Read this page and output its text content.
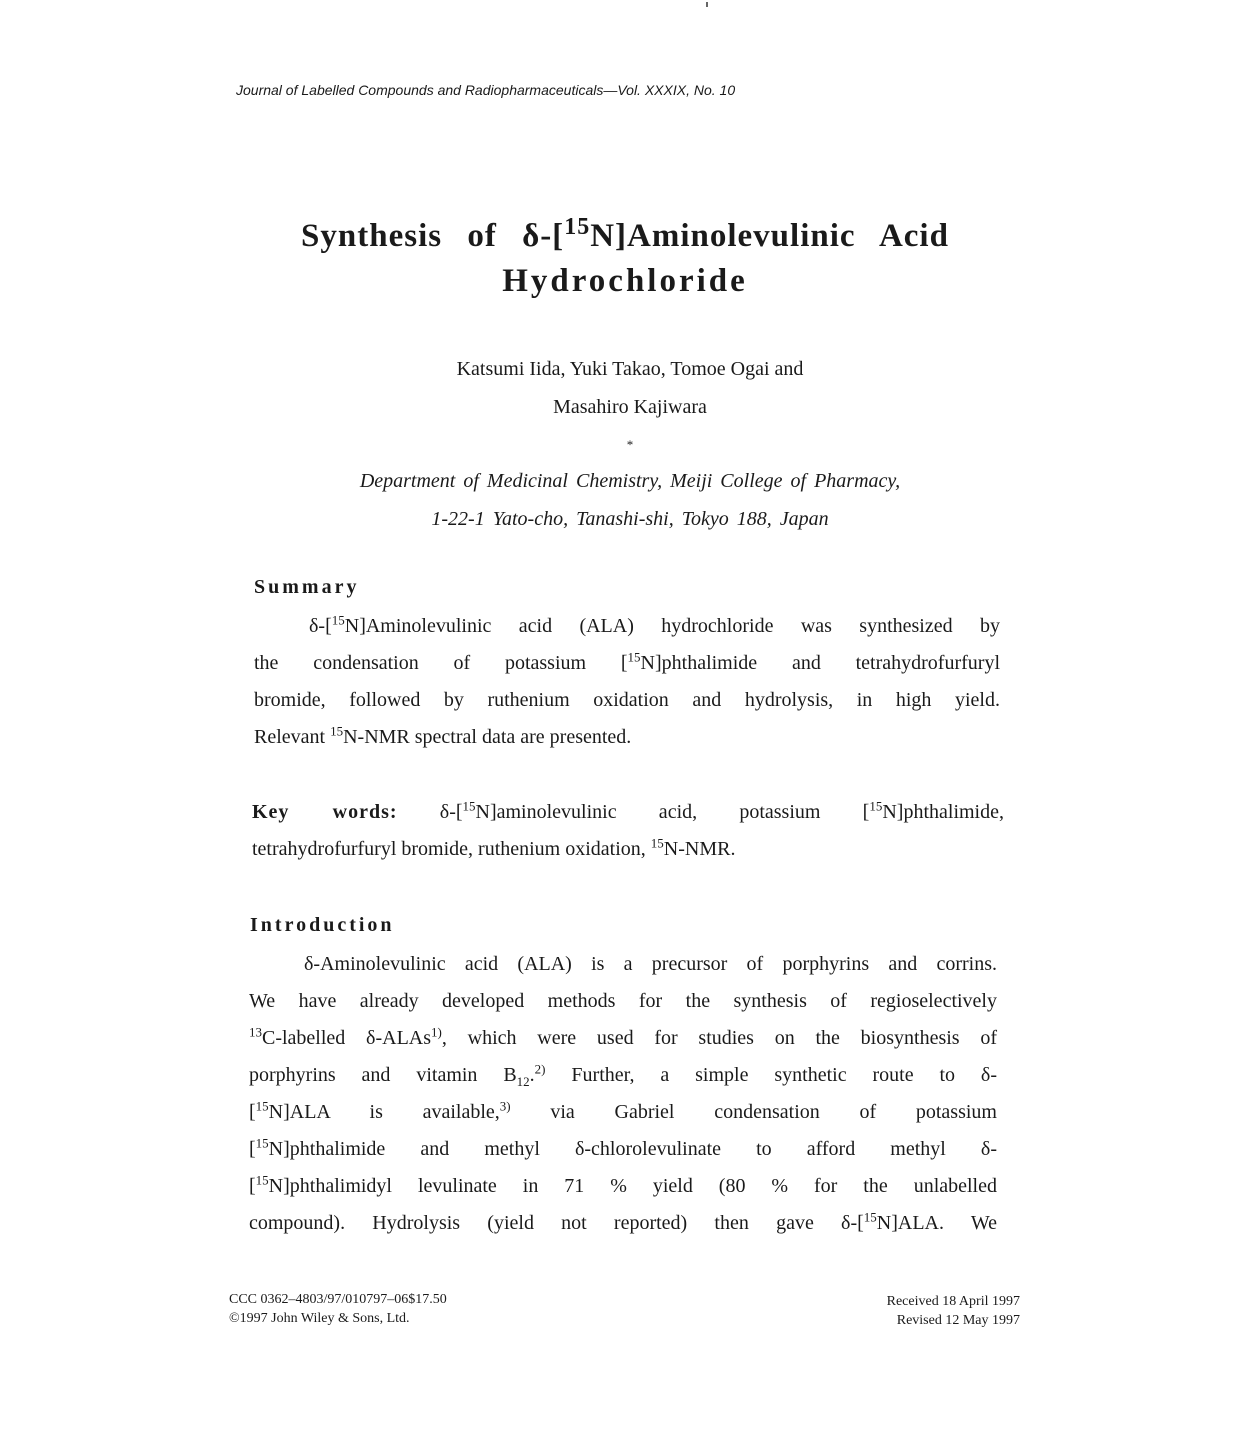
Journal of Labelled Compounds and Radiopharmaceuticals—Vol. XXXIX, No. 10
Synthesis of δ-[$^{15}$N]Aminolevulinic Acid
Hydrochloride
Katsumi Iida, Yuki Takao, Tomoe Ogai and
Masahiro Kajiwara
*
Department of Medicinal Chemistry, Meiji College of Pharmacy,
1-22-1 Yato-cho, Tanashi-shi, Tokyo 188, Japan
Summary
δ-[$^{15}$N]Aminolevulinic acid (ALA) hydrochloride was synthesized by
the condensation of potassium [$^{15}$N]phthalimide and tetrahydrofurfuryl
bromide, followed by ruthenium oxidation and hydrolysis, in high yield.
Relevant $^{15}$N-NMR spectral data are presented.
Key words: δ-[$^{15}$N]aminolevulinic acid, potassium [$^{15}$N]phthalimide,
tetrahydrofurfuryl bromide, ruthenium oxidation, $^{15}$N-NMR.
Introduction
δ-Aminolevulinic acid (ALA) is a precursor of porphyrins and corrins.
We have already developed methods for the synthesis of regioselectively
$^{13}$C-labelled δ-ALAs$^{1)}$, which were used for studies on the biosynthesis of
porphyrins and vitamin $B_{12}.^{2)}$ Further, a simple synthetic route to δ-
[$^{15}$N]ALA is available,$^{3)}$ via Gabriel condensation of potassium
[$^{15}$N]phthalimide and methyl δ-chlorolevulinate to afford methyl δ-
[$^{15}$N]phthalimidyl levulinate in 71 % yield (80 % for the unlabelled
compound). Hydrolysis (yield not reported) then gave δ-[$^{15}$N]ALA. We
CCC 0362–4803/97/010797–06$17.50
©1997 John Wiley & Sons, Ltd.
Received 18 April 1997
Revised 12 May 1997
